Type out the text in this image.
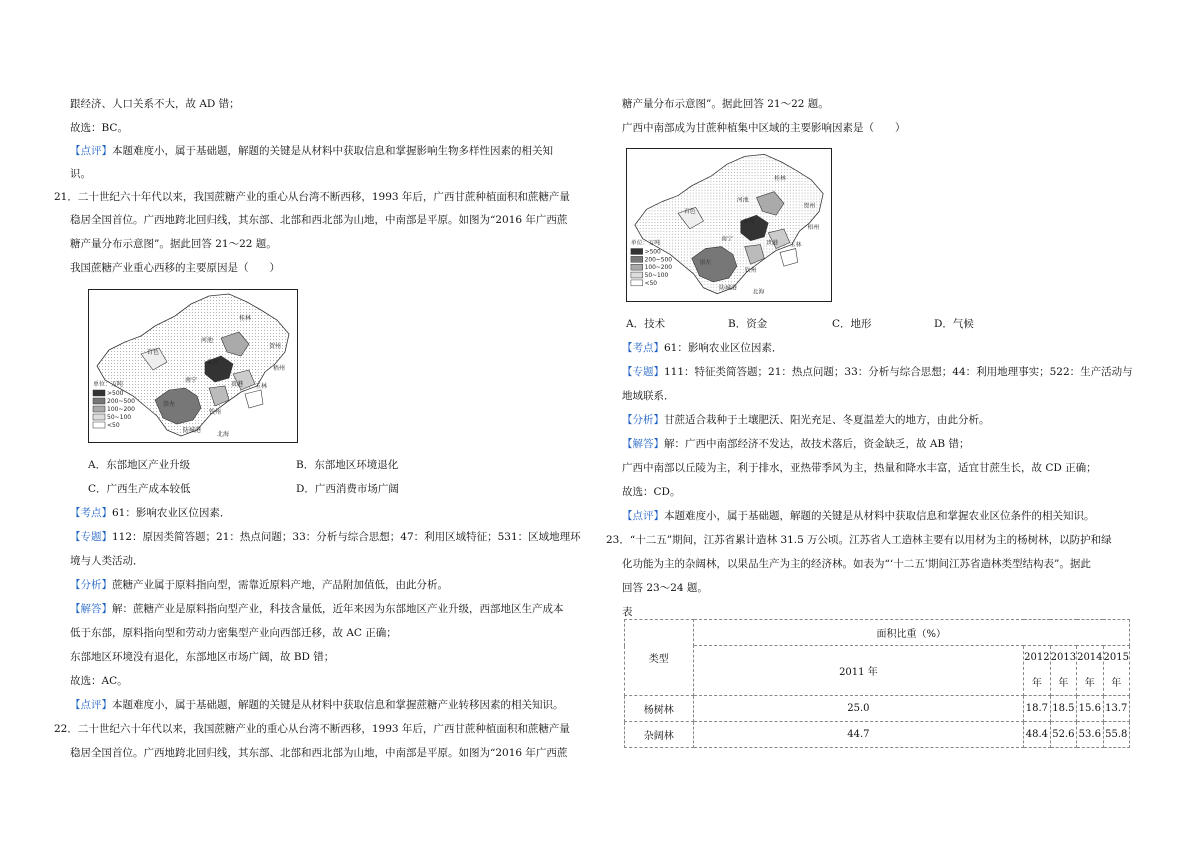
跟经济、人口关系不大，故 AD 错；
故选：BC。
【点评】本题难度小，属于基础题，解题的关键是从材料中获取信息和掌握影响生物多样性因素的相关知
识。
21．二十世纪六十年代以来，我国蔗糖产业的重心从台湾不断西移，1993 年后，广西甘蔗种植面积和蔗糖产量
稳居全国首位。广西地跨北回归线，其东部、北部和西北部为山地，中南部是平原。如图为“2016 年广西蔗
糖产量分布示意图”。据此回答 21～22 题。
我国蔗糖产业重心西移的主要原因是（　　）
桂林
河池
贺州
百色
梧州
来宾
南宁
贵港 玉林
崇左
钦州
防城港
北海
单位：万吨
>500
200~500
100~200
50~100
<50
A．东部地区产业升级	B．东部地区环境退化
C．广西生产成本较低	D．广西消费市场广阔
【考点】61：影响农业区位因素．
【专题】112：原因类简答题；21：热点问题；33：分析与综合思想；47：利用区域特征；531：区域地理环
境与人类活动．
【分析】蔗糖产业属于原料指向型，需靠近原料产地，产品附加值低，由此分析。
【解答】解：蔗糖产业是原料指向型产业，科技含量低，近年来因为东部地区产业升级，西部地区生产成本
低于东部，原料指向型和劳动力密集型产业向西部迁移，故 AC 正确；
东部地区环境没有退化，东部地区市场广阔，故 BD 错；
故选：AC。
【点评】本题难度小，属于基础题，解题的关键是从材料中获取信息和掌握蔗糖产业转移因素的相关知识。
22．二十世纪六十年代以来，我国蔗糖产业的重心从台湾不断西移，1993 年后，广西甘蔗种植面积和蔗糖产量
稳居全国首位。广西地跨北回归线，其东部、北部和西北部为山地，中南部是平原。如图为“2016 年广西蔗
糖产量分布示意图”。据此回答 21～22 题。
广西中南部成为甘蔗种植集中区域的主要影响因素是（　　）
桂林
河池
贺州
百色
梧州
来宾
南宁
贵港 玉林
崇左
钦州
防城港
北海
单位：万吨
>500
200~500
100~200
50~100
<50
A．技术	B．资金	C．地形	D．气候
【考点】61：影响农业区位因素．
【专题】111：特征类简答题；21：热点问题；33：分析与综合思想；44：利用地理事实；522：生产活动与
地域联系．
【分析】甘蔗适合栽种于土壤肥沃、阳光充足、冬夏温差大的地方，由此分析。
【解答】解：广西中南部经济不发达，故技术落后，资金缺乏，故 AB 错；
广西中南部以丘陵为主，利于排水，亚热带季风为主，热量和降水丰富，适宜甘蔗生长，故 CD 正确；
故选：CD。
【点评】本题难度小，属于基础题，解题的关键是从材料中获取信息和掌握农业区位条件的相关知识。
23．“十二五”期间，江苏省累计造林 31.5 万公顷。江苏省人工造林主要有以用材为主的杨树林，以防护和绿
化功能为主的杂阔林，以果品生产为主的经济林。如表为“‘十二五’期间江苏省造林类型结构表”。据此
回答 23～24 题。
表
类型	面积比重（%）				
	2011 年	2012

年	2013

年	2014

年	2015

年
杨树林	25.0	18.7	18.5	15.6	13.7
杂阔林	44.7	48.4	52.6	53.6	55.8
